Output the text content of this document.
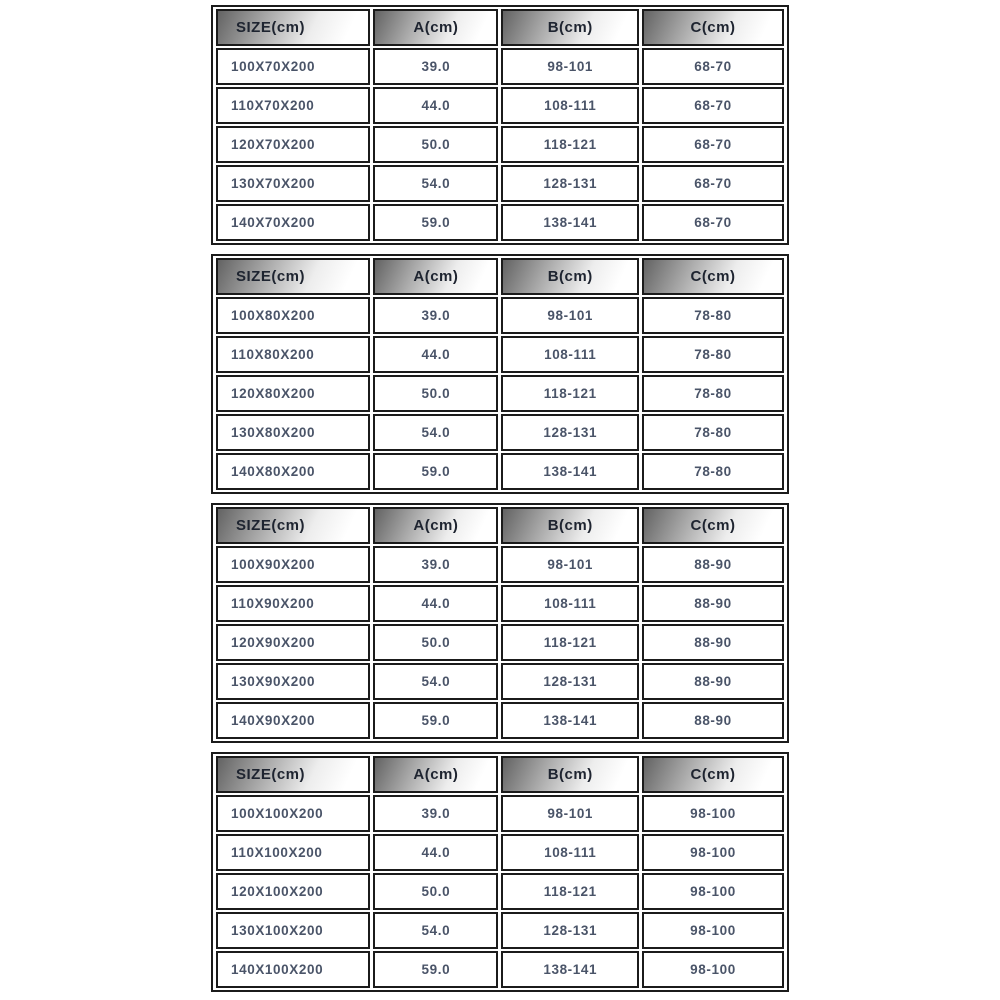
SIZE(cm)	A(cm)	B(cm)	C(cm)
100X70X200	39.0	98-101	68-70
110X70X200	44.0	108-111	68-70
120X70X200	50.0	118-121	68-70
130X70X200	54.0	128-131	68-70
140X70X200	59.0	138-141	68-70
SIZE(cm)	A(cm)	B(cm)	C(cm)
100X80X200	39.0	98-101	78-80
110X80X200	44.0	108-111	78-80
120X80X200	50.0	118-121	78-80
130X80X200	54.0	128-131	78-80
140X80X200	59.0	138-141	78-80
SIZE(cm)	A(cm)	B(cm)	C(cm)
100X90X200	39.0	98-101	88-90
110X90X200	44.0	108-111	88-90
120X90X200	50.0	118-121	88-90
130X90X200	54.0	128-131	88-90
140X90X200	59.0	138-141	88-90
SIZE(cm)	A(cm)	B(cm)	C(cm)
100X100X200	39.0	98-101	98-100
110X100X200	44.0	108-111	98-100
120X100X200	50.0	118-121	98-100
130X100X200	54.0	128-131	98-100
140X100X200	59.0	138-141	98-100
